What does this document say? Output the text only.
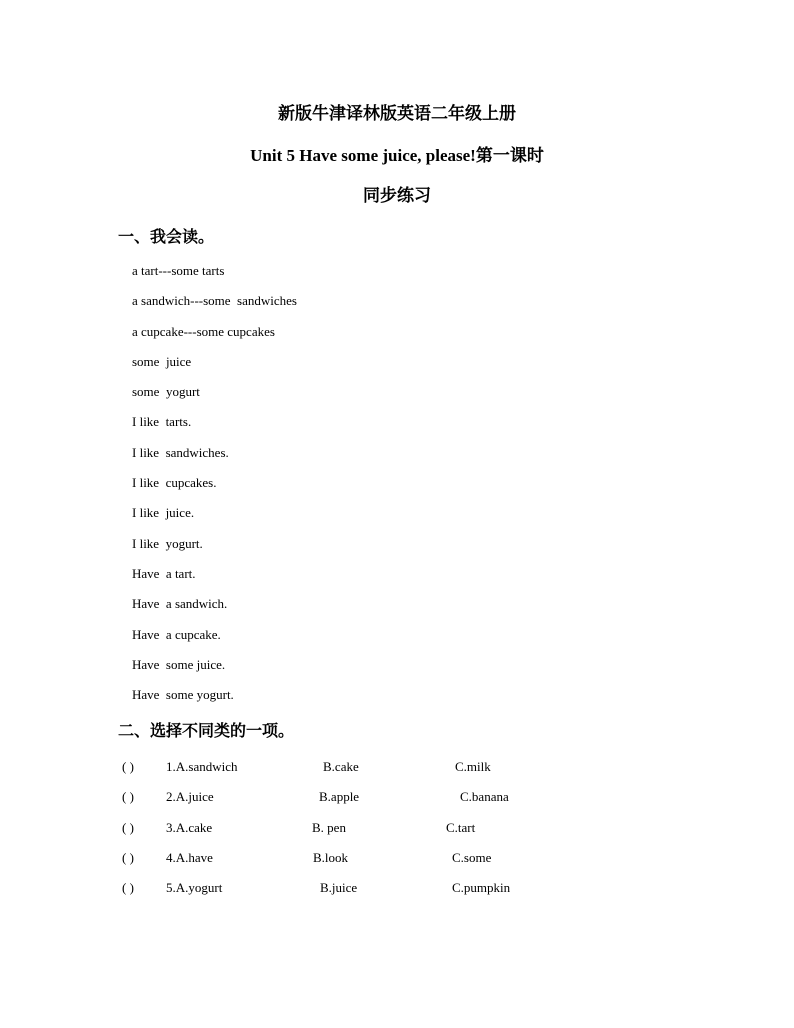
新版牛津译林版英语二年级上册
Unit 5 Have some juice, please!第一课时
同步练习
一、我会读。
a tart---some tarts
a sandwich---some  sandwiches
a cupcake---some cupcakes
some  juice
some  yogurt
I like  tarts.
I like  sandwiches.
I like  cupcakes.
I like  juice.
I like  yogurt.
Have  a tart.
Have  a sandwich.
Have  a cupcake.
Have  some juice.
Have  some yogurt.
二、选择不同类的一项。
( ) 1.A.sandwich	B.cake	C.milk
( ) 2.A.juice	B.apple	C.banana
( ) 3.A.cake	B. pen	C.tart
( ) 4.A.have	B.look	C.some
( ) 5.A.yogurt	B.juice	C.pumpkin
